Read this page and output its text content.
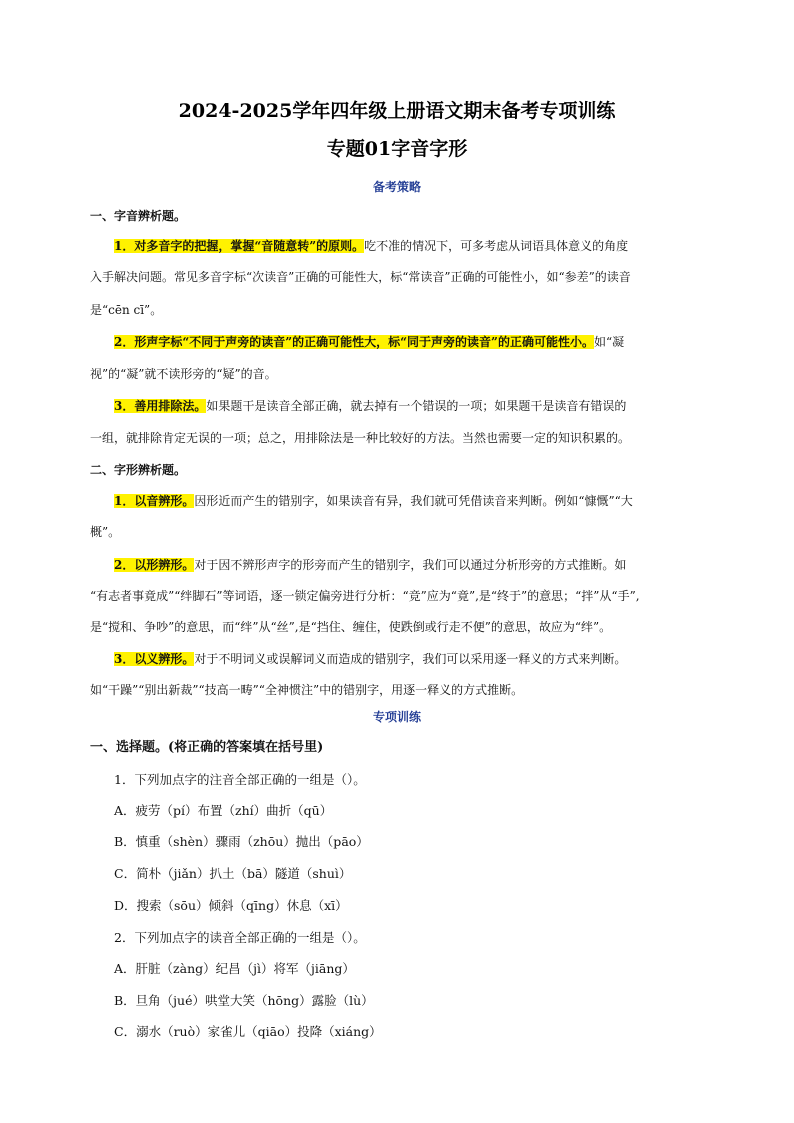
2024-2025学年四年级上册语文期末备考专项训练
专题01字音字形
备考策略
一、字音辨析题。
1．对多音字的把握，掌握“音随意转”的原则。吃不准的情况下，可多考虑从词语具体意义的角度
入手解决问题。常见多音字标“次读音”正确的可能性大，标“常读音”正确的可能性小，如“参差”的读音
是“cēn cī”。
2．形声字标“不同于声旁的读音”的正确可能性大，标“同于声旁的读音”的正确可能性小。如“凝
视”的“凝”就不读形旁的“疑”的音。
3．善用排除法。如果题干是读音全部正确，就去掉有一个错误的一项；如果题干是读音有错误的
一组，就排除肯定无误的一项；总之，用排除法是一种比较好的方法。当然也需要一定的知识积累的。
二、字形辨析题。
1．以音辨形。因形近而产生的错别字，如果读音有异，我们就可凭借读音来判断。例如“慷慨”“大
概”。
2．以形辨形。对于因不辨形声字的形旁而产生的错别字，我们可以通过分析形旁的方式推断。如
“有志者事竟成”“绊脚石”等词语，逐一锁定偏旁进行分析：“竞”应为“竟”,是“终于”的意思；“拌”从“手”,
是“搅和、争吵”的意思，而“绊”从“丝”,是“挡住、缠住，使跌倒或行走不便”的意思，故应为“绊”。
3．以义辨形。对于不明词义或误解词义而造成的错别字，我们可以采用逐一释义的方式来判断。
如“干躁”“别出新裁”“技高一畴”“全神惯注”中的错别字，用逐一释义的方式推断。
专项训练
一、选择题。(将正确的答案填在括号里)
1．下列加点字的注音全部正确的一组是（）。
A．疲劳（pí）布置（zhí）曲折（qū）
B．慎重（shèn）骤雨（zhōu）抛出（pāo）
C．简朴（jiǎn）扒土（bā）隧道（shuì）
D．搜索（sōu）倾斜（qīng）休息（xī）
2．下列加点字的读音全部正确的一组是（）。
A．肝脏（zàng）纪昌（jì）将军（jiāng）
B．旦角（jué）哄堂大笑（hōng）露脸（lù）
C．溺水（ruò）家雀儿（qiāo）投降（xiáng）
